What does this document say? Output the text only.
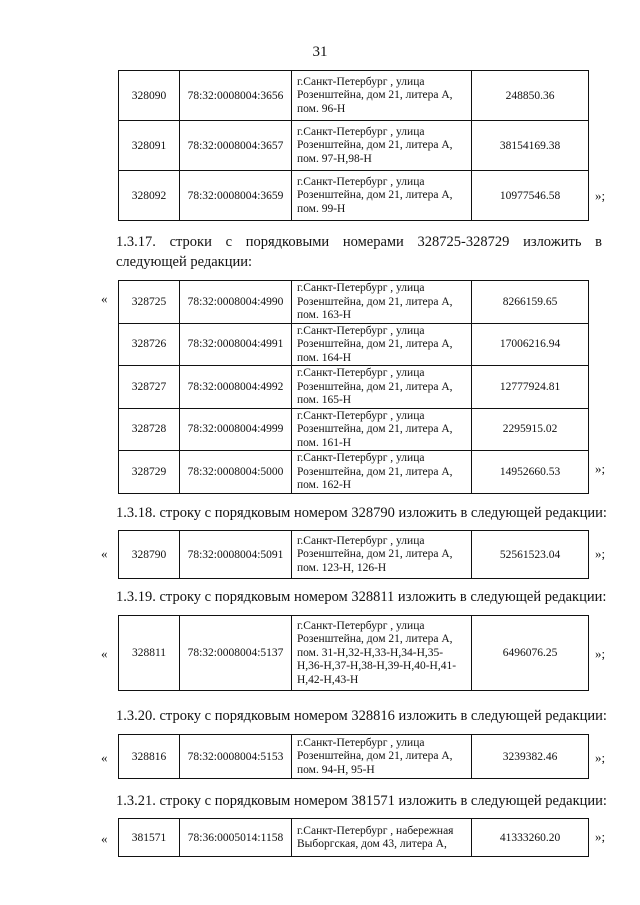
31
328090	78:32:0008004:3656	г.Санкт-Петербург , улица Розенштейна, дом 21, литера А, пом. 96-Н	248850.36
328091	78:32:0008004:3657	г.Санкт-Петербург , улица Розенштейна, дом 21, литера А, пом. 97-Н,98-Н	38154169.38
328092	78:32:0008004:3659	г.Санкт-Петербург , улица Розенштейна, дом 21, литера А, пом. 99-Н	10977546.58	»;
1.3.17. строки с порядковыми номерами 328725-328729 изложить в следующей редакции:
« 328725	78:32:0008004:4990	г.Санкт-Петербург , улица Розенштейна, дом 21, литера А, пом. 163-Н	8266159.65
328726	78:32:0008004:4991	г.Санкт-Петербург , улица Розенштейна, дом 21, литера А, пом. 164-Н	17006216.94
328727	78:32:0008004:4992	г.Санкт-Петербург , улица Розенштейна, дом 21, литера А, пом. 165-Н	12777924.81
328728	78:32:0008004:4999	г.Санкт-Петербург , улица Розенштейна, дом 21, литера А, пом. 161-Н	2295915.02
328729	78:32:0008004:5000	г.Санкт-Петербург , улица Розенштейна, дом 21, литера А, пом. 162-Н	14952660.53	»;
1.3.18. строку с порядковым номером 328790 изложить в следующей редакции:
« 328790	78:32:0008004:5091	г.Санкт-Петербург , улица Розенштейна, дом 21, литера А, пом. 123-Н, 126-Н	52561523.04	»;
1.3.19. строку с порядковым номером 328811 изложить в следующей редакции:
« 328811	78:32:0008004:5137	г.Санкт-Петербург , улица Розенштейна, дом 21, литера А, пом. 31-Н,32-Н,33-Н,34-Н,35-Н,36-Н,37-Н,38-Н,39-Н,40-Н,41-Н,42-Н,43-Н	6496076.25	»;
1.3.20. строку с порядковым номером 328816 изложить в следующей редакции:
« 328816	78:32:0008004:5153	г.Санкт-Петербург , улица Розенштейна, дом 21, литера А, пом. 94-Н, 95-Н	3239382.46	»;
1.3.21. строку с порядковым номером 381571 изложить в следующей редакции:
« 381571	78:36:0005014:1158	г.Санкт-Петербург , набережная Выборгская, дом 43, литера А,	41333260.20	»;
